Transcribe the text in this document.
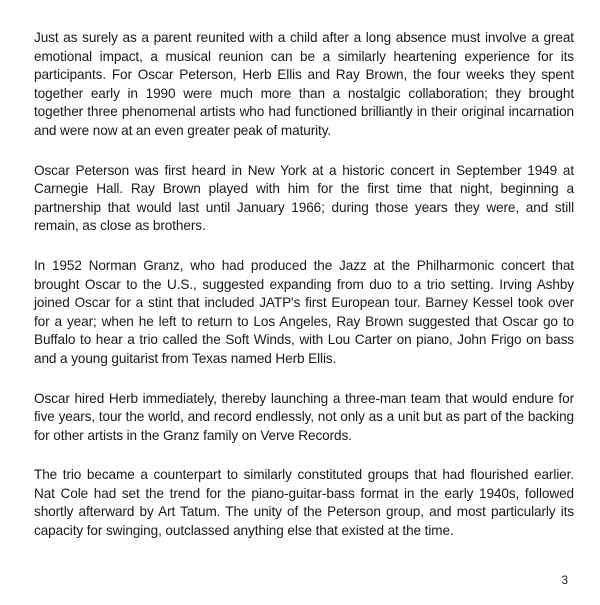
Just as surely as a parent reunited with a child after a long absence must involve a great emotional impact, a musical reunion can be a similarly heartening experience for its participants. For Oscar Peterson, Herb Ellis and Ray Brown, the four weeks they spent together early in 1990 were much more than a nostalgic collaboration; they brought together three phenomenal artists who had functioned brilliantly in their original incarnation and were now at an even greater peak of maturity.

Oscar Peterson was first heard in New York at a historic concert in September 1949 at Carnegie Hall. Ray Brown played with him for the first time that night, beginning a partnership that would last until January 1966; during those years they were, and still remain, as close as brothers.

In 1952 Norman Granz, who had produced the Jazz at the Philharmonic concert that brought Oscar to the U.S., suggested expanding from duo to a trio setting. Irving Ashby joined Oscar for a stint that included JATP's first European tour. Barney Kessel took over for a year; when he left to return to Los Angeles, Ray Brown suggested that Oscar go to Buffalo to hear a trio called the Soft Winds, with Lou Carter on piano, John Frigo on bass and a young guitarist from Texas named Herb Ellis.

Oscar hired Herb immediately, thereby launching a three-man team that would endure for five years, tour the world, and record endlessly, not only as a unit but as part of the backing for other artists in the Granz family on Verve Records.

The trio became a counterpart to similarly constituted groups that had flourished earlier. Nat Cole had set the trend for the piano-guitar-bass format in the early 1940s, followed shortly afterward by Art Tatum. The unity of the Peterson group, and most particularly its capacity for swinging, outclassed anything else that existed at the time.

3
